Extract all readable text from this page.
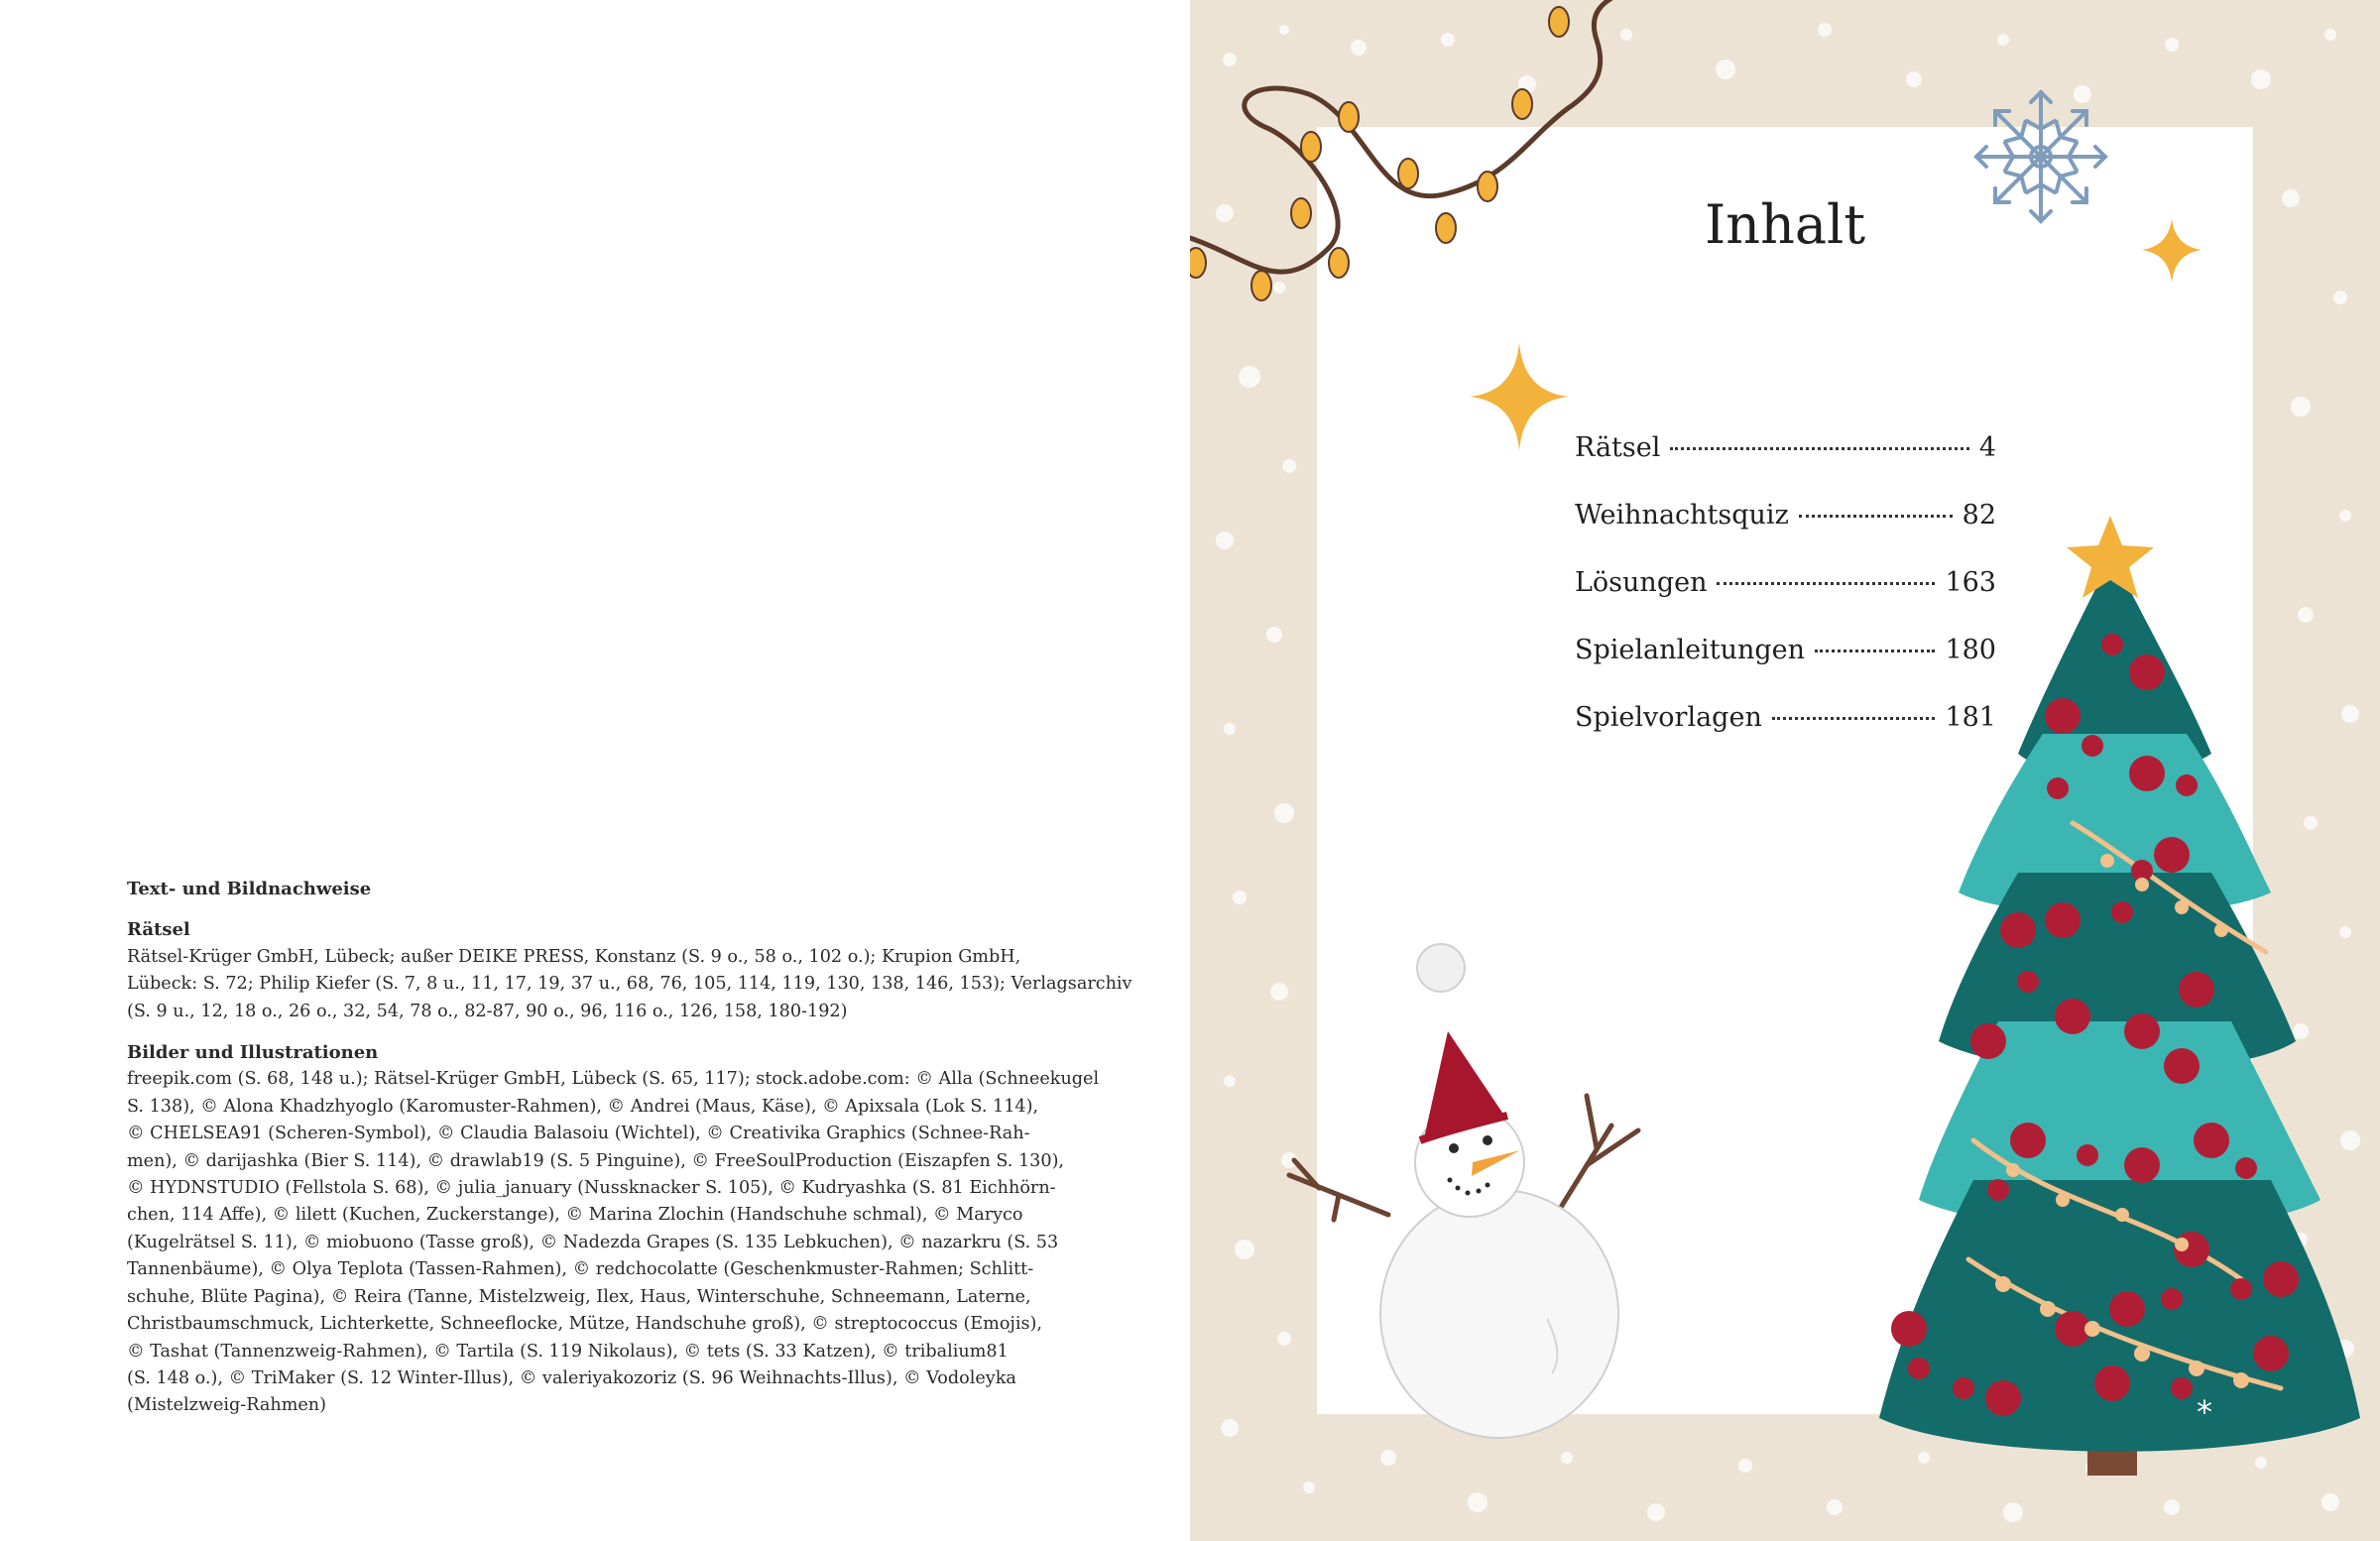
Text- und Bildnachweise
Rätsel
Rätsel-Krüger GmbH, Lübeck; außer DEIKE PRESS, Konstanz (S. 9 o., 58 o., 102 o.); Krupion GmbH,
Lübeck: S. 72; Philip Kiefer (S. 7, 8 u., 11, 17, 19, 37 u., 68, 76, 105, 114, 119, 130, 138, 146, 153); Verlagsarchiv
(S. 9 u., 12, 18 o., 26 o., 32, 54, 78 o., 82-87, 90 o., 96, 116 o., 126, 158, 180-192)
Bilder und Illustrationen
freepik.com (S. 68, 148 u.); Rätsel-Krüger GmbH, Lübeck (S. 65, 117); stock.adobe.com: © Alla (Schneekugel
S. 138), © Alona Khadzhyoglo (Karomuster-Rahmen), © Andrei (Maus, Käse), © Apixsala (Lok S. 114),
© CHELSEA91 (Scheren-Symbol), © Claudia Balasoiu (Wichtel), © Creativika Graphics (Schnee-Rah-
men), © darijashka (Bier S. 114), © drawlab19 (S. 5 Pinguine), © FreeSoulProduction (Eiszapfen S. 130),
© HYDNSTUDIO (Fellstola S. 68), © julia_january (Nussknacker S. 105), © Kudryashka (S. 81 Eichhörn-
chen, 114 Affe), © lilett (Kuchen, Zuckerstange), © Marina Zlochin (Handschuhe schmal), © Maryco
(Kugelrätsel S. 11), © miobuono (Tasse groß), © Nadezda Grapes (S. 135 Lebkuchen), © nazarkru (S. 53
Tannenbäume), © Olya Teplota (Tassen-Rahmen), © redchocolatte (Geschenkmuster-Rahmen; Schlitt-
schuhe, Blüte Pagina), © Reira (Tanne, Mistelzweig, Ilex, Haus, Winterschuhe, Schneemann, Laterne,
Christbaumschmuck, Lichterkette, Schneeflocke, Mütze, Handschuhe groß), © streptococcus (Emojis),
© Tashat (Tannenzweig-Rahmen), © Tartila (S. 119 Nikolaus), © tets (S. 33 Katzen), © tribalium81
(S. 148 o.), © TriMaker (S. 12 Winter-Illus), © valeriyakozoriz (S. 96 Weihnachts-Illus), © Vodoleyka
(Mistelzweig-Rahmen)
Inhalt
Rätsel	4
Weihnachtsquiz	82
Lösungen	163
Spielanleitungen	180
Spielvorlagen	181
*
